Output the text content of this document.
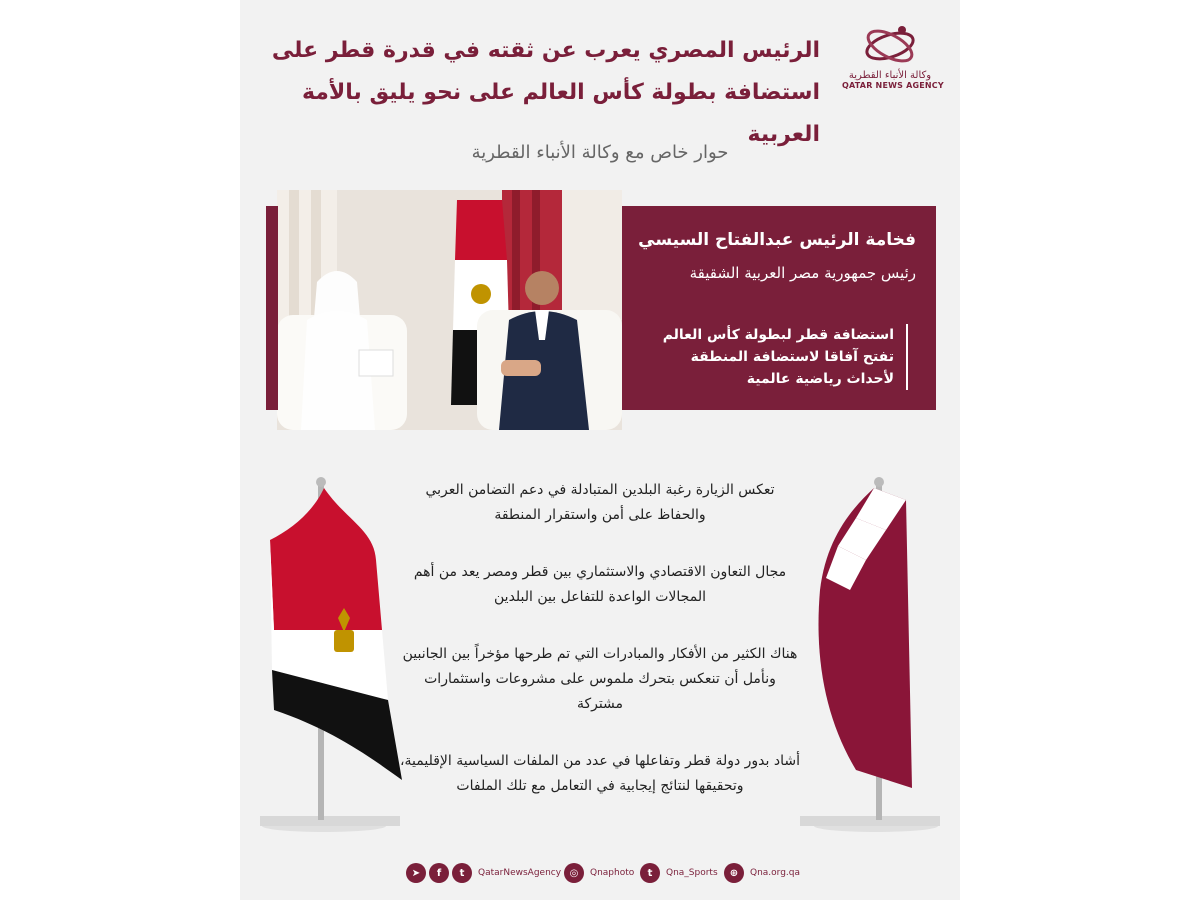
وكالة الأنباء القطرية
QATAR NEWS AGENCY
الرئيس المصري يعرب عن ثقته في قدرة قطر على
استضافة بطولة كأس العالم على نحو يليق بالأمة العربية
حوار خاص مع وكالة الأنباء القطرية
فخامة الرئيس عبدالفتاح السيسي
رئيس جمهورية مصر العربية الشقيقة
استضافة قطر لبطولة كأس العالم تفتح آفاقا لاستضافة المنطقة لأحداث رياضية عالمية
تعكس الزيارة رغبة البلدين المتبادلة في دعم التضامن العربي والحفاظ على أمن واستقرار المنطقة
مجال التعاون الاقتصادي والاستثماري بين قطر ومصر يعد من أهم المجالات الواعدة للتفاعل بين البلدين
هناك الكثير من الأفكار والمبادرات التي تم طرحها مؤخراً بين الجانبين ونأمل أن تنعكس بتحرك ملموس على مشروعات واستثمارات مشتركة
أشاد بدور دولة قطر وتفاعلها في عدد من الملفات السياسية الإقليمية، وتحقيقها لنتائج إيجابية في التعامل مع تلك الملفات
➤	f	t	QatarNewsAgency ◎	Qnaphoto	t	Qna_Sports	⊕	Qna.org.qa
